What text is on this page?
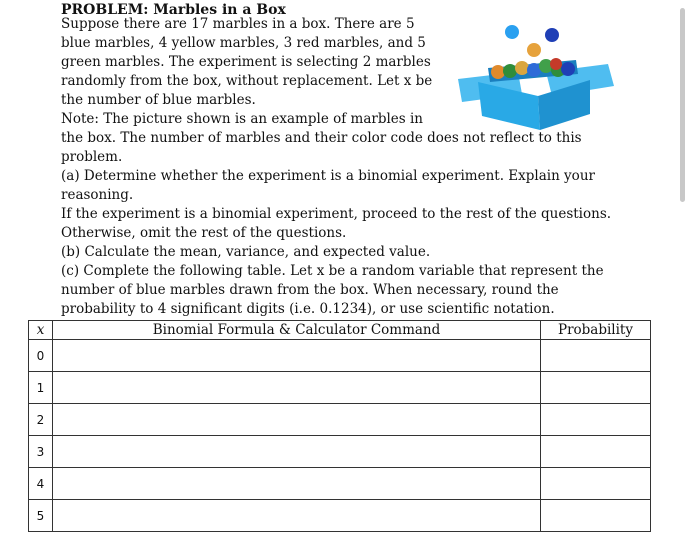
PROBLEM: Marbles in a Box

Suppose there are 17 marbles in a box. There are 5
blue marbles, 4 yellow marbles, 3 red marbles, and 5
green marbles. The experiment is selecting 2 marbles
randomly from the box, without replacement. Let x be
the number of blue marbles.

Note: The picture shown is an example of marbles in
the box. The number of marbles and their color code does not reflect to this
problem.

(a) Determine whether the experiment is a binomial experiment. Explain your
reasoning.

If the experiment is a binomial experiment, proceed to the rest of the questions.
Otherwise, omit the rest of the questions.

(b) Calculate the mean, variance, and expected value.

(c) Complete the following table. Let x be a random variable that represent the
number of blue marbles drawn from the box. When necessary, round the
probability to 4 significant digits (i.e. 0.1234), or use scientific notation.

x	Binomial Formula & Calculator Command	Probability
0		
1		
2		
3		
4		
5		
